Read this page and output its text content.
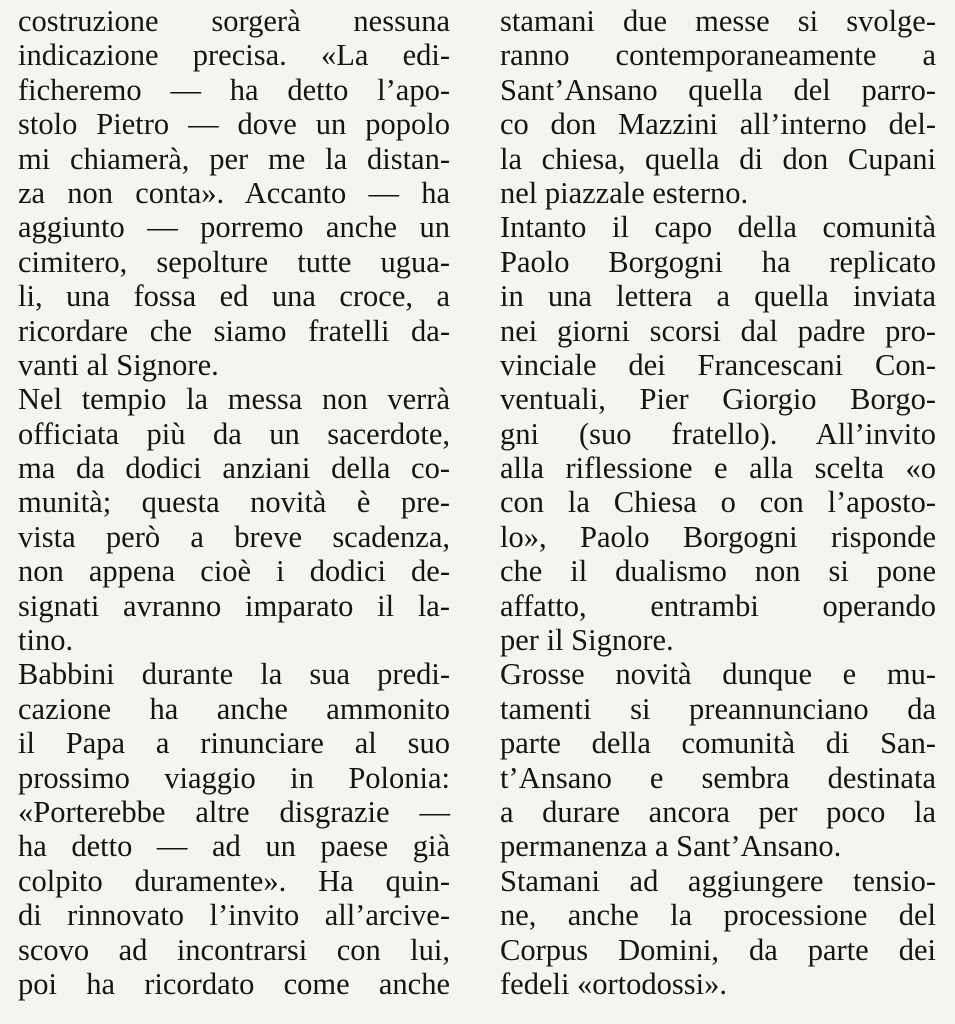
costruzione sorgerà nessuna
indicazione precisa. «La edi-
ficheremo — ha detto l’apo-
stolo Pietro — dove un popolo
mi chiamerà, per me la distan-
za non conta». Accanto — ha
aggiunto — porremo anche un
cimitero, sepolture tutte ugua-
li, una fossa ed una croce, a
ricordare che siamo fratelli da-
vanti al Signore.
Nel tempio la messa non verrà
officiata più da un sacerdote,
ma da dodici anziani della co-
munità; questa novità è pre-
vista però a breve scadenza,
non appena cioè i dodici de-
signati avranno imparato il la-
tino.
Babbini durante la sua predi-
cazione ha anche ammonito
il Papa a rinunciare al suo
prossimo viaggio in Polonia:
«Porterebbe altre disgrazie —
ha detto — ad un paese già
colpito duramente». Ha quin-
di rinnovato l’invito all’arcive-
scovo ad incontrarsi con lui,
poi ha ricordato come anche
stamani due messe si svolge-
ranno contemporaneamente a
Sant’Ansano quella del parro-
co don Mazzini all’interno del-
la chiesa, quella di don Cupani
nel piazzale esterno.
Intanto il capo della comunità
Paolo Borgogni ha replicato
in una lettera a quella inviata
nei giorni scorsi dal padre pro-
vinciale dei Francescani Con-
ventuali, Pier Giorgio Borgo-
gni (suo fratello). All’invito
alla riflessione e alla scelta «o
con la Chiesa o con l’aposto-
lo», Paolo Borgogni risponde
che il dualismo non si pone
affatto, entrambi operando
per il Signore.
Grosse novità dunque e mu-
tamenti si preannunciano da
parte della comunità di San-
t’Ansano e sembra destinata
a durare ancora per poco la
permanenza a Sant’Ansano.
Stamani ad aggiungere tensio-
ne, anche la processione del
Corpus Domini, da parte dei
fedeli «ortodossi».
